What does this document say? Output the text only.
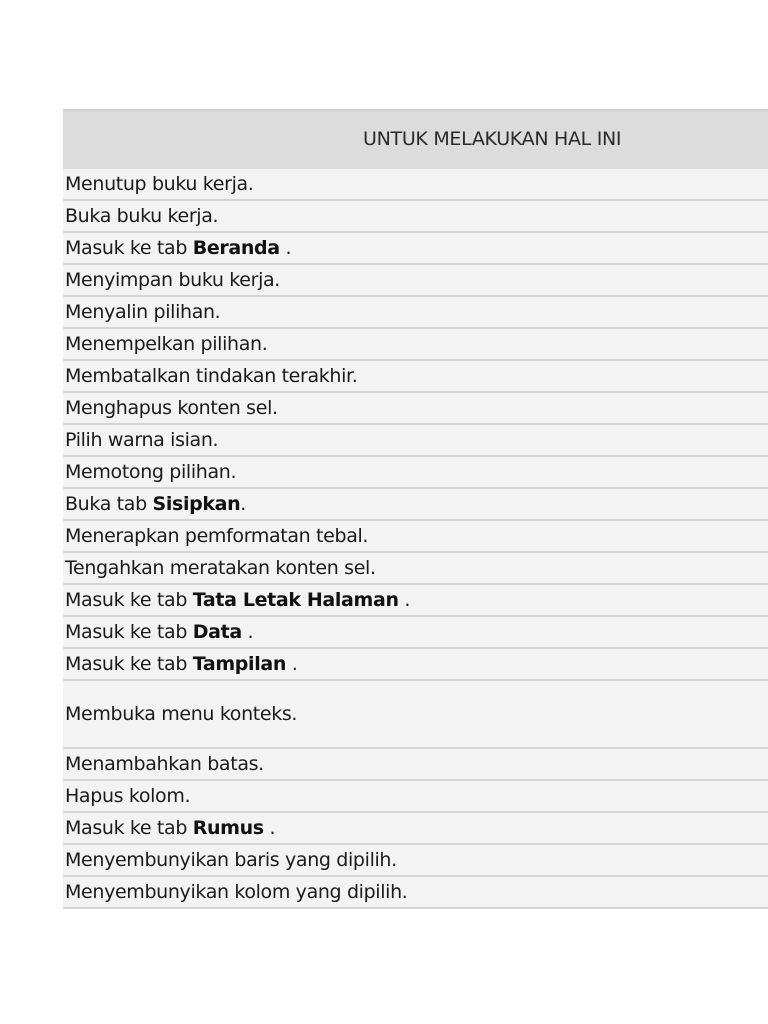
UNTUK MELAKUKAN HAL INI
Menutup buku kerja.
Buka buku kerja.
Masuk ke tab Beranda .
Menyimpan buku kerja.
Menyalin pilihan.
Menempelkan pilihan.
Membatalkan tindakan terakhir.
Menghapus konten sel.
Pilih warna isian.
Memotong pilihan.
Buka tab Sisipkan .
Menerapkan pemformatan tebal.
Tengahkan meratakan konten sel.
Masuk ke tab Tata Letak Halaman .
Masuk ke tab Data .
Masuk ke tab Tampilan .
Membuka menu konteks.
Menambahkan batas.
Hapus kolom.
Masuk ke tab Rumus .
Menyembunyikan baris yang dipilih.
Menyembunyikan kolom yang dipilih.
